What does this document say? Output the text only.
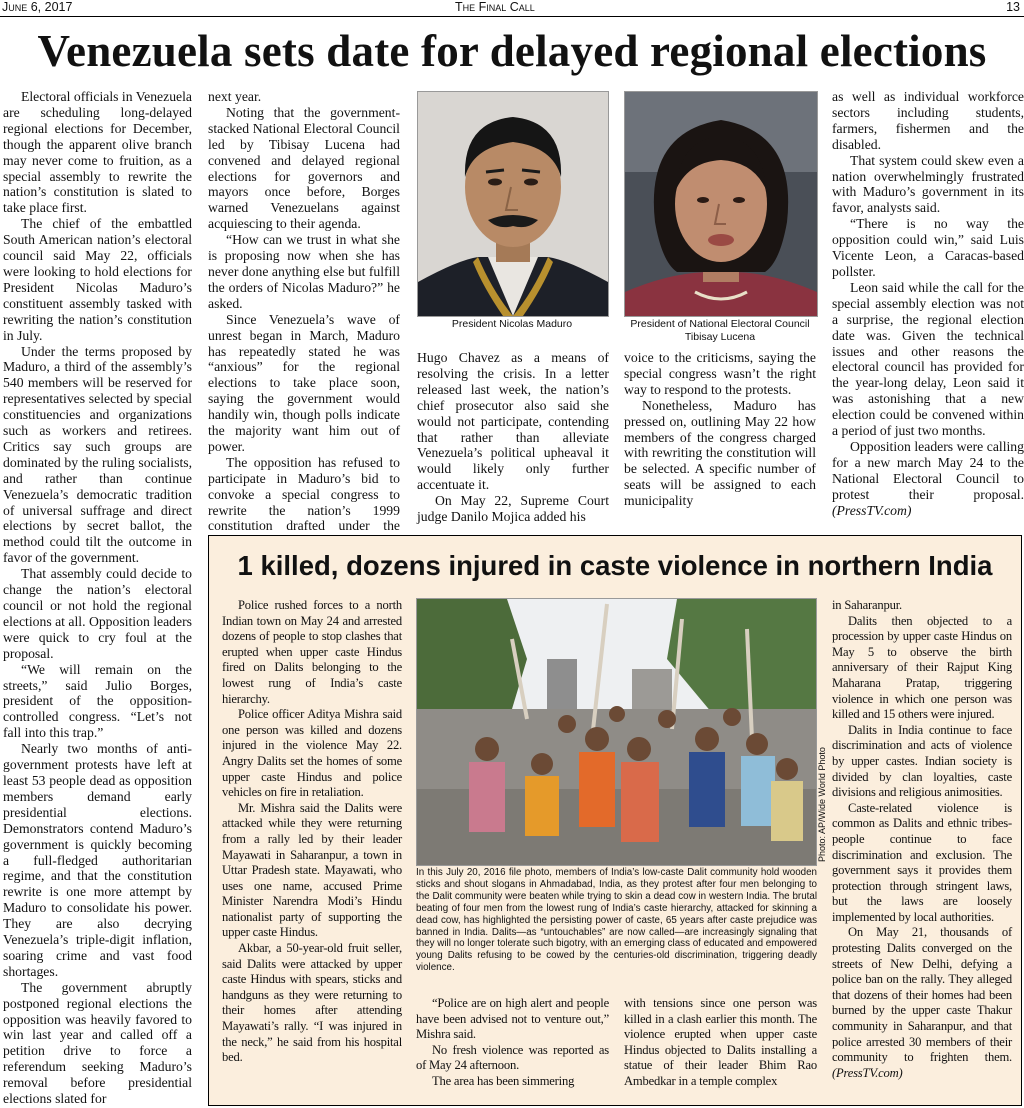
June 6, 2017	The Final Call	13
Venezuela sets date for delayed regional elections

Electoral officials in Venezuela are scheduling long-delayed regional elections for December, though the apparent olive branch may never come to fruition, as a special assembly to rewrite the nation’s constitution is slated to take place first.

The chief of the embattled South American nation’s electoral council said May 22, officials were looking to hold elections for President Nicolas Maduro’s constituent assembly tasked with rewriting the nation’s constitution in July.

Under the terms proposed by Maduro, a third of the assembly’s 540 members will be reserved for representatives selected by special constituencies and organizations such as workers and retirees. Critics say such groups are dominated by the ruling socialists, and rather than continue Venezuela’s democratic tradition of universal suffrage and direct elections by secret ballot, the method could tilt the outcome in favor of the government.

That assembly could decide to change the nation’s electoral council or not hold the regional elections at all. Opposition leaders were quick to cry foul at the proposal.

“We will remain on the streets,” said Julio Borges, president of the opposition-controlled congress. “Let’s not fall into this trap.”

Nearly two months of anti-government protests have left at least 53 people dead as opposition members demand early presidential elections. Demonstrators contend Maduro’s government is quickly becoming a full-fledged authoritarian regime, and that the constitution rewrite is one more attempt by Maduro to consolidate his power. They are also decrying Venezuela’s triple-digit inflation, soaring crime and vast food shortages.

The government abruptly postponed regional elections the opposition was heavily favored to win last year and called off a petition drive to force a referendum seeking Maduro’s removal before presidential elections slated for

next year.

Noting that the government-stacked National Electoral Council led by Tibisay Lucena had convened and delayed regional elections for governors and mayors once before, Borges warned Venezuelans against acquiescing to their agenda.

“How can we trust in what she is proposing now when she has never done anything else but fulfill the orders of Nicolas Maduro?” he asked.

Since Venezuela’s wave of unrest began in March, Maduro has repeatedly stated he was “anxious” for the regional elections to take place soon, saying the government would handily win, though polls indicate the majority want him out of power.

The opposition has refused to participate in Maduro’s bid to convoke a special congress to rewrite the nation’s 1999 constitution drafted under the

President Nicolas Maduro	President of National Electoral Council Tibisay Lucena

Hugo Chavez as a means of resolving the crisis. In a letter released last week, the nation’s chief prosecutor also said she would not participate, contending that rather than alleviate Venezuela’s political upheaval it would likely only further accentuate it.

On May 22, Supreme Court judge Danilo Mojica added his

voice to the criticisms, saying the special congress wasn’t the right way to respond to the protests.

Nonetheless, Maduro has pressed on, outlining May 22 how members of the congress charged with rewriting the constitution will be selected. A specific number of seats will be assigned to each municipality

as well as individual workforce sectors including students, farmers, fishermen and the disabled.

That system could skew even a nation overwhelmingly frustrated with Maduro’s government in its favor, analysts said.

“There is no way the opposition could win,” said Luis Vicente Leon, a Caracas-based pollster.

Leon said while the call for the special assembly election was not a surprise, the regional election date was. Given the technical issues and other reasons the electoral council has provided for the year-long delay, Leon said it was astonishing that a new election could be convened within a period of just two months.

Opposition leaders were calling for a new march May 24 to the National Electoral Council to protest their proposal. (PressTV.com)

1 killed, dozens injured in caste violence in northern India

Police rushed forces to a north Indian town on May 24 and arrested dozens of people to stop clashes that erupted when upper caste Hindus fired on Dalits belonging to the lowest rung of India’s caste hierarchy.

Police officer Aditya Mishra said one person was killed and dozens injured in the violence May 22. Angry Dalits set the homes of some upper caste Hindus and police vehicles on fire in retaliation.

Mr. Mishra said the Dalits were attacked while they were returning from a rally led by their leader Mayawati in Saharanpur, a town in Uttar Pradesh state. Mayawati, who uses one name, accused Prime Minister Narendra Modi’s Hindu nationalist party of supporting the upper caste Hindus.

Akbar, a 50-year-old fruit seller, said Dalits were attacked by upper caste Hindus with spears, sticks and handguns as they were returning to their homes after attending Mayawati’s rally. “I was injured in the neck,” he said from his hospital bed.

Photo: AP/Wide World Photo
In this July 20, 2016 file photo, members of India’s low-caste Dalit community hold wooden sticks and shout slogans in Ahmadabad, India, as they protest after four men belonging to the Dalit community were beaten while trying to skin a dead cow in western India. The brutal beating of four men from the lowest rung of India’s caste hierarchy, attacked for skinning a dead cow, has highlighted the persisting power of caste, 65 years after caste prejudice was banned in India. Dalits—as “untouchables” are now called—are increasingly signaling that they will no longer tolerate such bigotry, with an emerging class of educated and empowered young Dalits refusing to be cowed by the centuries-old discrimination, triggering deadly violence.

“Police are on high alert and people have been advised not to venture out,” Mishra said.

No fresh violence was reported as of May 24 afternoon.

The area has been simmering

with tensions since one person was killed in a clash earlier this month. The violence erupted when upper caste Hindus objected to Dalits installing a statue of their leader Bhim Rao Ambedkar in a temple complex

in Saharanpur.

Dalits then objected to a procession by upper caste Hindus on May 5 to observe the birth anniversary of their Rajput King Maharana Pratap, triggering violence in which one person was killed and 15 others were injured.

Dalits in India continue to face discrimination and acts of violence by upper castes. Indian society is divided by clan loyalties, caste divisions and religious animosities.

Caste-related violence is common as Dalits and ethnic tribes-people continue to face discrimination and exclusion. The government says it provides them protection through stringent laws, but the laws are loosely implemented by local authorities.

On May 21, thousands of protesting Dalits converged on the streets of New Delhi, defying a police ban on the rally. They alleged that dozens of their homes had been burned by the upper caste Thakur community in Saharanpur, and that police arrested 30 members of their community to frighten them. (PressTV.com)
